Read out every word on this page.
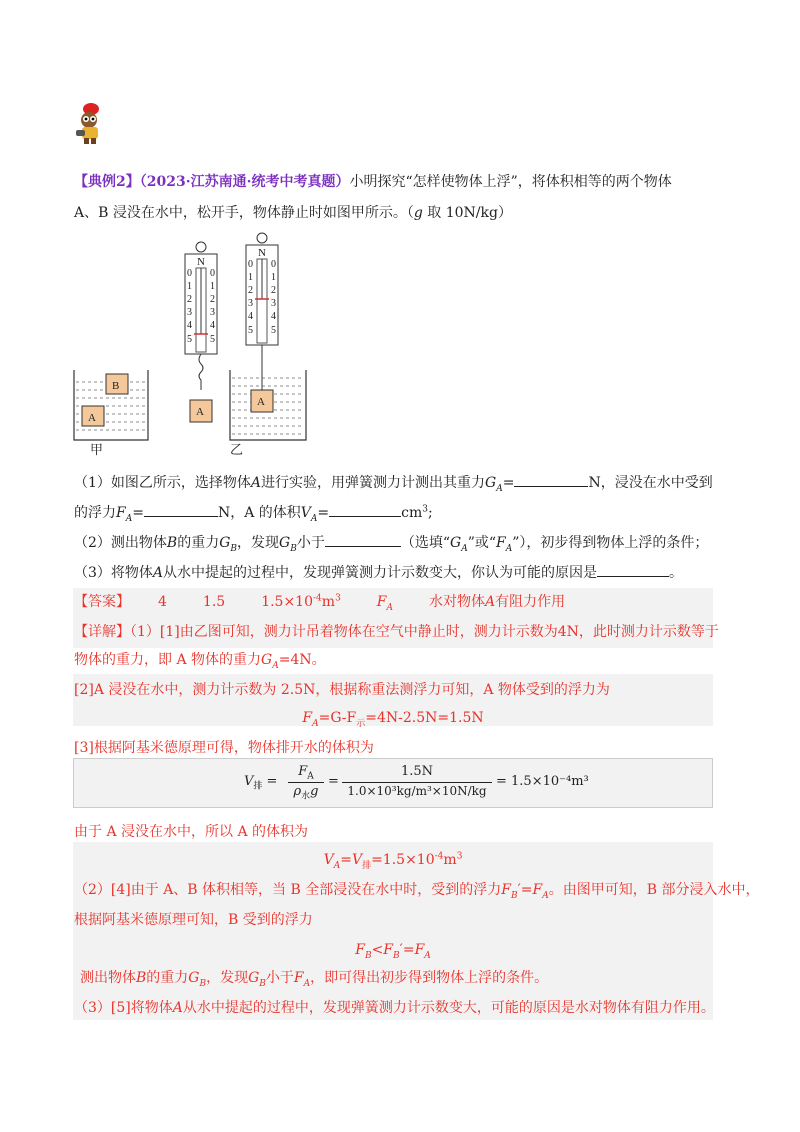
【典例2】（2023·江苏南通·统考中考真题）小明探究“怎样使物体上浮”，将体积相等的两个物体
A、B 浸没在水中，松开手，物体静止时如图甲所示。（g 取 10N/kg）
B
A
甲
N
0
1
2
3
4
5
0
1
2
3
4
5
A
N
0
1
2
3
4
5
0
1
2
3
4
5
A
乙
（1）如图乙所示，选择物体A进行实验，用弹簧测力计测出其重力$G_A=$	N，浸没在水中受到
的浮力$F_A=$	N，A 的体积$V_A=$	$cm^3$;
（2）测出物体B的重力$G_B$，发现$G_B$小于	（选填“$G_A$”或“$F_A$”），初步得到物体上浮的条件；
（3）将物体A从水中提起的过程中，发现弹簧测力计示数变大，你认为可能的原因是	。
【答案】 4	1.5	$1.5\times 10^{-4}m^3$	$F_A$	水对物体A有阻力作用
【详解】（1）[1]由乙图可知，测力计吊着物体在空气中静止时，测力计示数为4N，此时测力计示数等于
物体的重力，即 A 物体的重力$G_A=4N$。
[2]A 浸没在水中，测力计示数为 2.5N，根据称重法测浮力可知，A 物体受到的浮力为
$F_A=G-F_示=4N-2.5N=1.5N$
[3]根据阿基米德原理可得，物体排开水的体积为
$V_排$ =
$F_A$
$\rho_水g$
=
1.5N
1.0×10³kg/m³×10N/kg
= 1.5×10⁻⁴m³
由于 A 浸没在水中，所以 A 的体积为
$V_A=V_排=1.5\times 10^{-4}m^3$
（2）[4]由于 A、B 体积相等，当 B 全部浸没在水中时，受到的浮力$F_B'=F_A$。由图甲可知，B 部分浸入水中，
根据阿基米德原理可知，B 受到的浮力
$F_B<F_B'=F_A$
测出物体B的重力$G_B$，发现$G_B$小于$F_A$，即可得出初步得到物体上浮的条件。
（3）[5]将物体A从水中提起的过程中，发现弹簧测力计示数变大，可能的原因是水对物体有阻力作用。
